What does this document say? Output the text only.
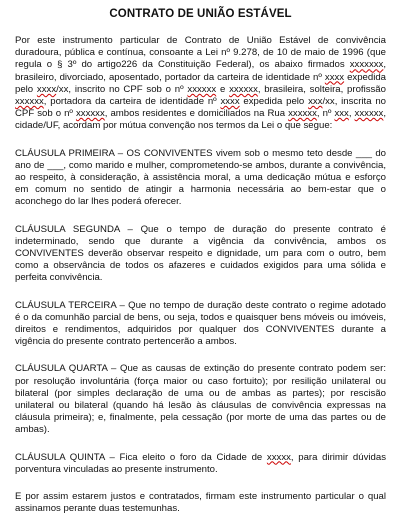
CONTRATO DE UNIÃO ESTÁVEL

Por este instrumento particular de Contrato de União Estável de convivência duradoura, pública e contínua, consoante a Lei nº 9.278, de 10 de maio de 1996 (que regula o § 3º do artigo226 da Constituição Federal), os abaixo firmados xxxxxxx, brasileiro, divorciado, aposentado, portador da carteira de identidade nº xxxx expedida pelo xxxx/xx, inscrito no CPF sob o nº xxxxxx e xxxxxx, brasileira, solteira, profissão xxxxxx, portadora da carteira de identidade nº xxxx expedida pelo xxx/xx, inscrita no CPF sob o nº xxxxxx, ambos residentes e domiciliados na Rua xxxxxx, nº xxx, xxxxxx, cidade/UF, acordam por mútua convenção nos termos da Lei o que segue:

CLÁUSULA PRIMEIRA – OS CONVIVENTES vivem sob o mesmo teto desde ___ do ano de ___, como marido e mulher, comprometendo-se ambos, durante a convivência, ao respeito, à consideração, à assistência moral, a uma dedicação mútua e esforço em comum no sentido de atingir a harmonia necessária ao bem-estar que o aconchego do lar lhes poderá oferecer.

CLÁUSULA SEGUNDA – Que o tempo de duração do presente contrato é indeterminado, sendo que durante a vigência da convivência, ambos os CONVIVENTES deverão observar respeito e dignidade, um para com o outro, bem como a observância de todos os afazeres e cuidados exigidos para uma sólida e perfeita convivência.

CLÁUSULA TERCEIRA – Que no tempo de duração deste contrato o regime adotado é o da comunhão parcial de bens, ou seja, todos e quaisquer bens móveis ou imóveis, direitos e rendimentos, adquiridos por qualquer dos CONVIVENTES durante a vigência do presente contrato pertencerão a ambos.

CLÁUSULA QUARTA – Que as causas de extinção do presente contrato podem ser: por resolução involuntária (força maior ou caso fortuito); por resilição unilateral ou bilateral (por simples declaração de uma ou de ambas as partes); por rescisão unilateral ou bilateral (quando há lesão às cláusulas de convivência expressas na cláusula primeira); e, finalmente, pela cessação (por morte de uma das partes ou de ambas).

CLÁUSULA QUINTA – Fica eleito o foro da Cidade de xxxxx, para dirimir dúvidas porventura vinculadas ao presente instrumento.

E por assim estarem justos e contratados, firmam este instrumento particular o qual assinamos perante duas testemunhas.
